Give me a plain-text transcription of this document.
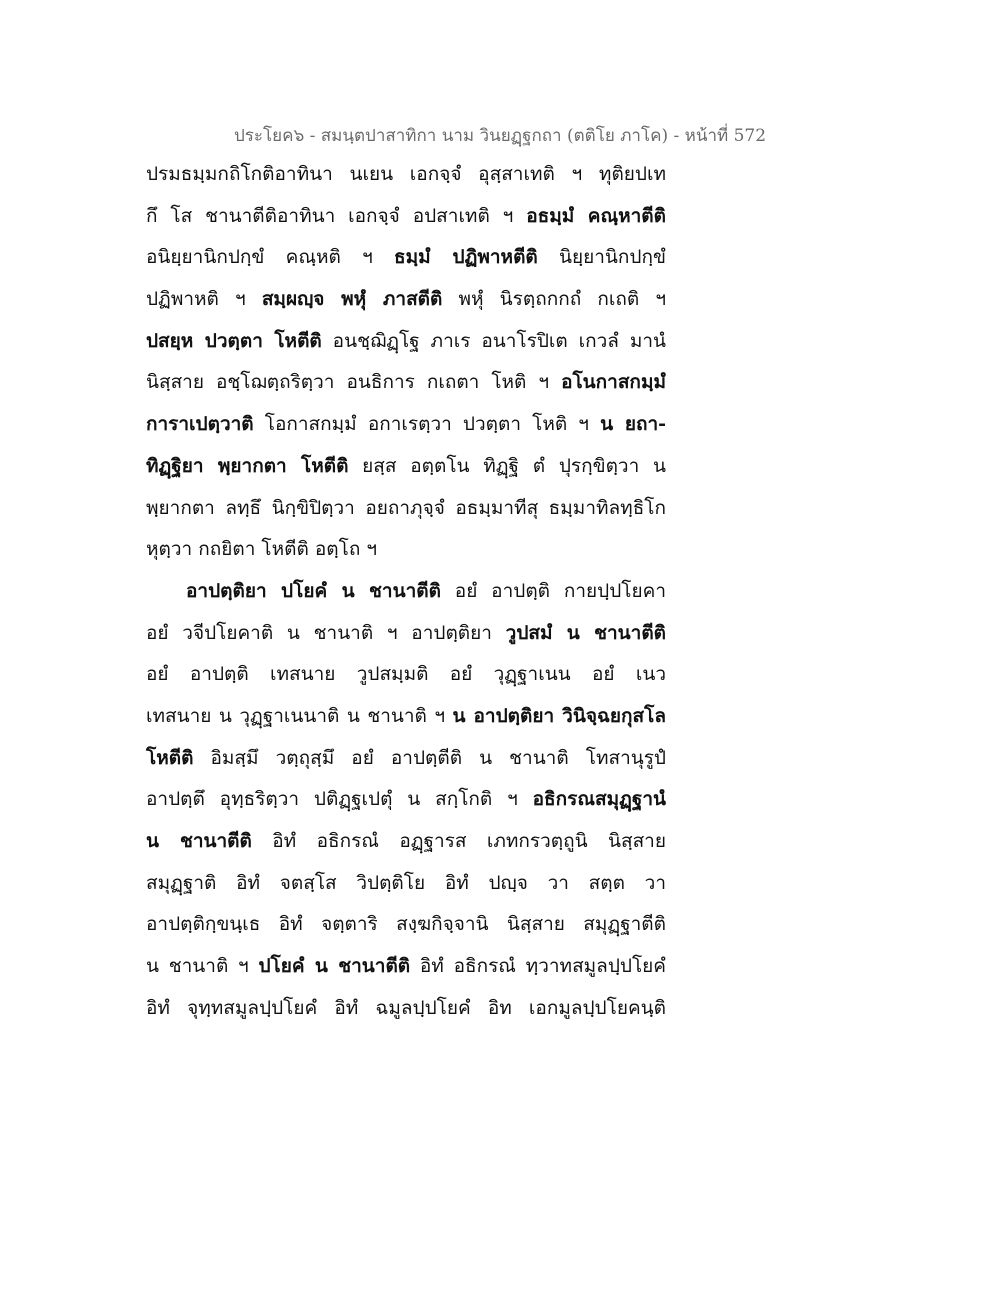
ประโยค๖ - สมนฺตปาสาทิกา นาม วินยฏฺฐกถา (ตติโย ภาโค) - หน้าที่ 572
ปรมธมฺมกถิโกติอาทินา นเยน เอกจฺจํ อุสฺสาเทติ ฯ ทุติยปเท
กึ โส ชานาตีติอาทินา เอกจฺจํ อปสาเทติ ฯ อธมฺมํ คณฺหาตีติ
อนิยฺยานิกปกฺขํ คณฺหติ ฯ ธมฺมํ ปฏิพาหตีติ นิยฺยานิกปกฺขํ
ปฏิพาหติ ฯ สมฺผญฺจ พหุํ ภาสตีติ พหุํ นิรตฺถกกถํ กเถติ ฯ
ปสยฺห ปวตฺตา โหตีติ อนชฺฌิฏฺโฐ ภาเร อนาโรปิเต เกวลํ มานํ
นิสฺสาย อชฺโฌตฺถริตฺวา อนธิการ กเถตา โหติ ฯ อโนกาสกมฺมํ
การาเปตฺวาติ โอกาสกมฺมํ อกาเรตฺวา ปวตฺตา โหติ ฯ น ยถา-
ทิฏฺฐิยา พฺยากตา โหตีติ ยสฺส อตฺตโน ทิฏฺฐิ ตํ ปุรกฺขิตฺวา น
พฺยากตา ลทฺธึ นิกฺขิปิตฺวา อยถาภุจฺจํ อธมฺมาทีสุ ธมฺมาทิลทฺธิโก
หุตฺวา กถยิตา โหตีติ อตฺโถ ฯ
อาปตฺติยา ปโยคํ น ชานาตีติ อยํ อาปตฺติ กายปฺปโยคา
อยํ วจีปโยคาติ น ชานาติ ฯ อาปตฺติยา วูปสมํ น ชานาตีติ
อยํ อาปตฺติ เทสนาย วูปสมฺมติ อยํ วุฏฺฐาเนน อยํ เนว
เทสนาย น วุฏฺฐาเนนาติ น ชานาติ ฯ น อาปตฺติยา วินิจฺฉยกุสโล
โหตีติ อิมสฺมึ วตฺถุสฺมึ อยํ อาปตฺตีติ น ชานาติ โทสานุรูปํ
อาปตฺตึ อุทฺธริตฺวา ปติฏฺฐเปตุํ น สกฺโกติ ฯ อธิกรณสมุฏฺฐานํ
น ชานาตีติ อิทํ อธิกรณํ อฏฺฐารส เภทกรวตฺถูนิ นิสฺสาย
สมุฏฺฐาติ อิทํ จตสฺโส วิปตฺติโย อิทํ ปญฺจ วา สตฺต วา
อาปตฺติกฺขนฺเธ อิทํ จตฺตาริ สงฺฆกิจฺจานิ นิสฺสาย สมุฏฺฐาตีติ
น ชานาติ ฯ ปโยคํ น ชานาตีติ อิทํ อธิกรณํ ทฺวาทสมูลปฺปโยคํ
อิทํ จุทฺทสมูลปฺปโยคํ อิทํ ฉมูลปฺปโยคํ อิท เอกมูลปฺปโยคนฺติ
